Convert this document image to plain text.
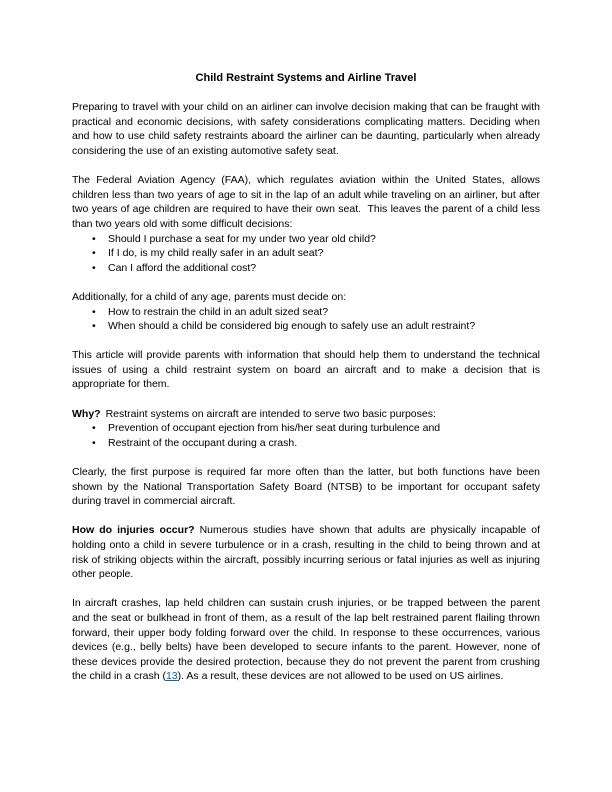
Child Restraint Systems and Airline Travel

Preparing to travel with your child on an airliner can involve decision making that can be fraught with practical and economic decisions, with safety considerations complicating matters. Deciding when and how to use child safety restraints aboard the airliner can be daunting, particularly when already considering the use of an existing automotive safety seat.

The Federal Aviation Agency (FAA), which regulates aviation within the United States, allows children less than two years of age to sit in the lap of an adult while traveling on an airliner, but after two years of age children are required to have their own seat.  This leaves the parent of a child less than two years old with some difficult decisions:

• Should I purchase a seat for my under two year old child?
• If I do, is my child really safer in an adult seat?
• Can I afford the additional cost?

Additionally, for a child of any age, parents must decide on:

• How to restrain the child in an adult sized seat?
• When should a child be considered big enough to safely use an adult restraint?

This article will provide parents with information that should help them to understand the technical issues of using a child restraint system on board an aircraft and to make a decision that is appropriate for them.

Why? Restraint systems on aircraft are intended to serve two basic purposes:

• Prevention of occupant ejection from his/her seat during turbulence and
• Restraint of the occupant during a crash.

Clearly, the first purpose is required far more often than the latter, but both functions have been shown by the National Transportation Safety Board (NTSB) to be important for occupant safety during travel in commercial aircraft.

How do injuries occur? Numerous studies have shown that adults are physically incapable of holding onto a child in severe turbulence or in a crash, resulting in the child to being thrown and at risk of striking objects within the aircraft, possibly incurring serious or fatal injuries as well as injuring other people.

In aircraft crashes, lap held children can sustain crush injuries, or be trapped between the parent and the seat or bulkhead in front of them, as a result of the lap belt restrained parent flailing thrown forward, their upper body folding forward over the child. In response to these occurrences, various devices (e.g., belly belts) have been developed to secure infants to the parent. However, none of these devices provide the desired protection, because they do not prevent the parent from crushing the child in a crash (13). As a result, these devices are not allowed to be used on US airlines.
